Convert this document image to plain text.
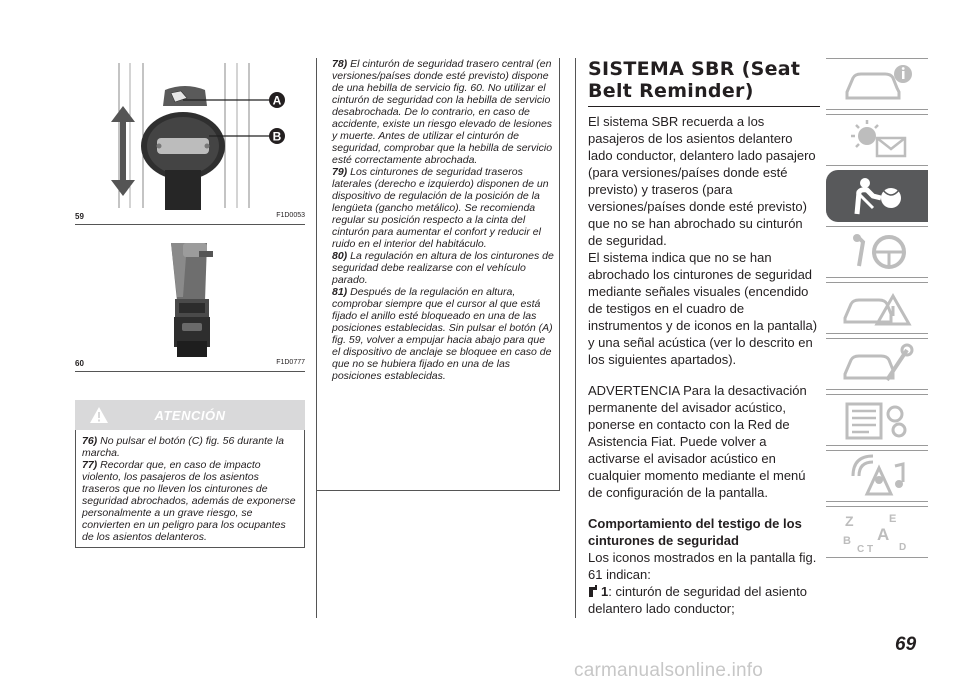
A
B
59	F1D0053
60	F1D0777
ATENCIÓN

76) No pulsar el botón (C) fig. 56 durante la marcha.

77) Recordar que, en caso de impacto violento, los pasajeros de los asientos traseros que no lleven los cinturones de seguridad abrochados, además de exponerse personalmente a un grave riesgo, se convierten en un peligro para los ocupantes de los asientos delanteros.

78) El cinturón de seguridad trasero central (en versiones/países donde esté previsto) dispone de una hebilla de servicio fig. 60. No utilizar el cinturón de seguridad con la hebilla de servicio desabrochada. De lo contrario, en caso de accidente, existe un riesgo elevado de lesiones y muerte. Antes de utilizar el cinturón de seguridad, comprobar que la hebilla de servicio esté correctamente abrochada.

79) Los cinturones de seguridad traseros laterales (derecho e izquierdo) disponen de un dispositivo de regulación de la posición de la lengüeta (gancho metálico). Se recomienda regular su posición respecto a la cinta del cinturón para aumentar el confort y reducir el ruido en el interior del habitáculo.

80) La regulación en altura de los cinturones de seguridad debe realizarse con el vehículo parado.

81) Después de la regulación en altura, comprobar siempre que el cursor al que está fijado el anillo esté bloqueado en una de las posiciones establecidas. Sin pulsar el botón (A) fig. 59, volver a empujar hacia abajo para que el dispositivo de anclaje se bloquee en caso de que no se hubiera fijado en una de las posiciones establecidas.

SISTEMA SBR (Seat Belt Reminder)

El sistema SBR recuerda a los pasajeros de los asientos delantero lado conductor, delantero lado pasajero (para versiones/países donde esté previsto) y traseros (para versiones/países donde esté previsto) que no se han abrochado su cinturón de seguridad.

El sistema indica que no se han abrochado los cinturones de seguridad mediante señales visuales (encendido de testigos en el cuadro de instrumentos y de iconos en la pantalla) y una señal acústica (ver lo descrito en los siguientes apartados).

ADVERTENCIA Para la desactivación permanente del avisador acústico, ponerse en contacto con la Red de Asistencia Fiat. Puede volver a activarse el avisador acústico en cualquier momento mediante el menú de configuración de la pantalla.

Comportamiento del testigo de los cinturones de seguridad

Los iconos mostrados en la pantalla fig. 61 indican:

1: cinturón de seguridad del asiento delantero lado conductor;

Z	E
B A
C T	D
69
carmanualsonline.info
